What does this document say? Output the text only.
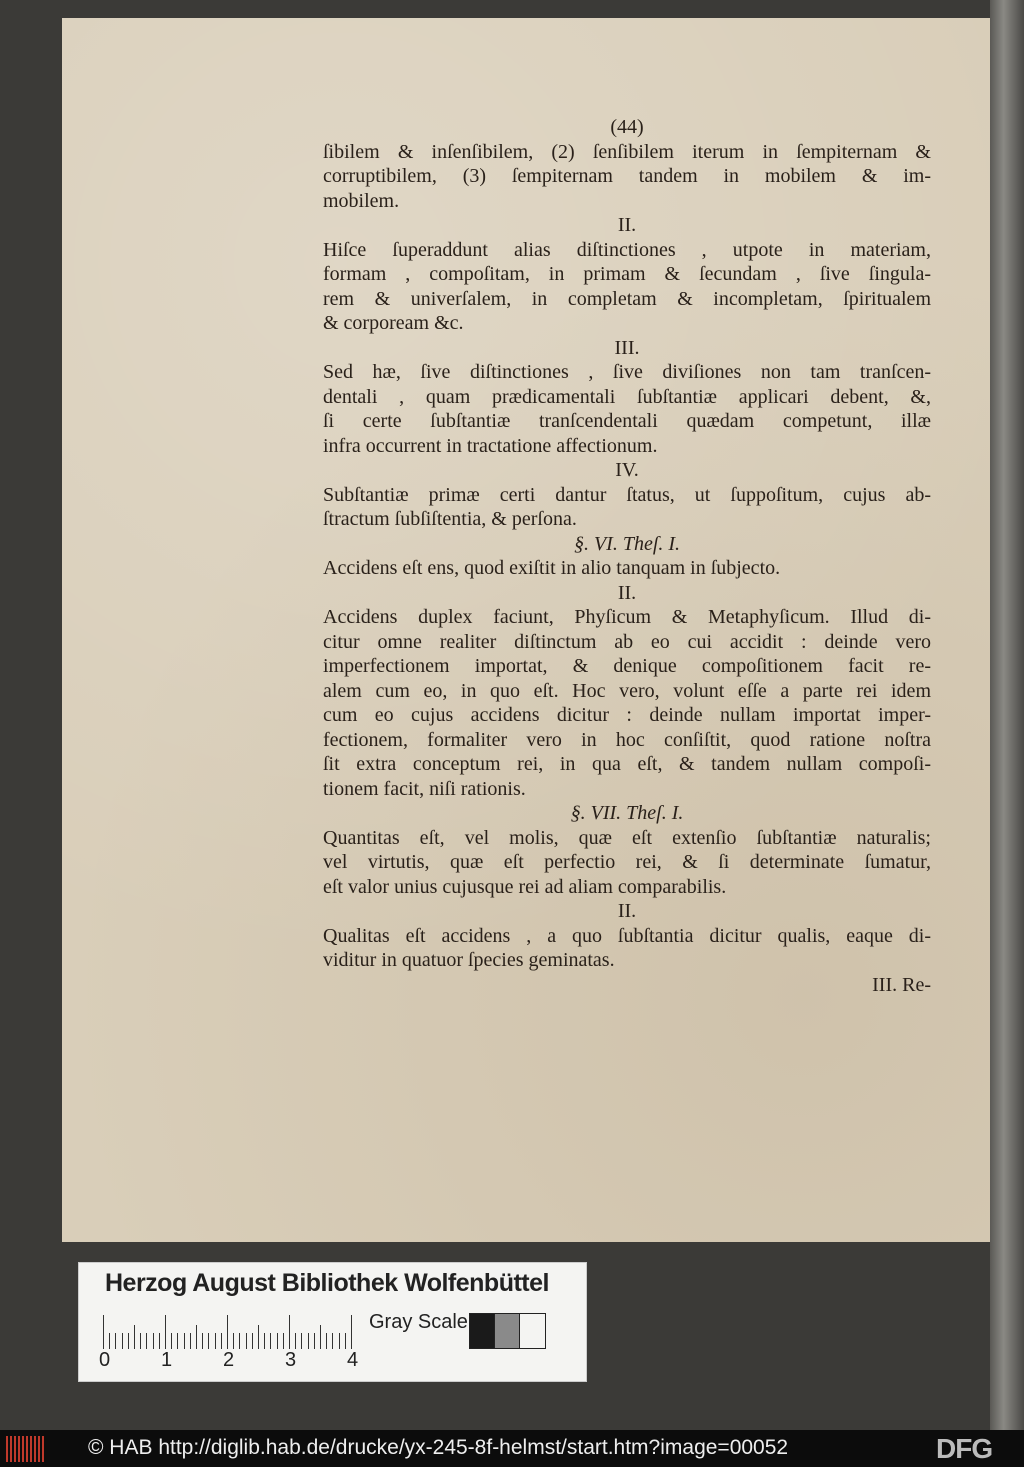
(44)
ſibilem & inſenſibilem, (2) ſenſibilem iterum in ſempiternam &
corruptibilem, (3) ſempiternam tandem in mobilem & im-
mobilem.
II.
Hiſce ſuperaddunt alias diſtinctiones , utpote in materiam,
formam , compoſitam, in primam & ſecundam , ſive ſingula-
rem & univerſalem, in completam & incompletam, ſpiritualem
& corpoream &c.
III.
Sed hæ, ſive diſtinctiones , ſive diviſiones non tam tranſcen-
dentali , quam prædicamentali ſubſtantiæ applicari debent, &,
ſi certe ſubſtantiæ tranſcendentali quædam competunt, illæ
infra occurrent in tractatione affectionum.
IV.
Subſtantiæ primæ certi dantur ſtatus, ut ſuppoſitum, cujus ab-
ſtractum ſubſiſtentia, & perſona.
§. VI. Theſ. I.
Accidens eſt ens, quod exiſtit in alio tanquam in ſubjecto.
II.
Accidens duplex faciunt, Phyſicum & Metaphyſicum. Illud di-
citur omne realiter diſtinctum ab eo cui accidit : deinde vero
imperfectionem importat, & denique compoſitionem facit re-
alem cum eo, in quo eſt. Hoc vero, volunt eſſe a parte rei idem
cum eo cujus accidens dicitur : deinde nullam importat imper-
fectionem, formaliter vero in hoc conſiſtit, quod ratione noſtra
ſit extra conceptum rei, in qua eſt, & tandem nullam compoſi-
tionem facit, niſi rationis.
§. VII. Theſ. I.
Quantitas eſt, vel molis, quæ eſt extenſio ſubſtantiæ naturalis;
vel virtutis, quæ eſt perfectio rei, & ſi determinate ſumatur,
eſt valor unius cujusque rei ad aliam comparabilis.
II.
Qualitas eſt accidens , a quo ſubſtantia dicitur qualis, eaque di-
viditur in quatuor ſpecies geminatas.
III. Re-
Herzog August Bibliothek Wolfenbüttel
0	1	2	3	4
Gray Scale
© HAB http://diglib.hab.de/drucke/yx-245-8f-helmst/start.htm?image=00052	DFG
